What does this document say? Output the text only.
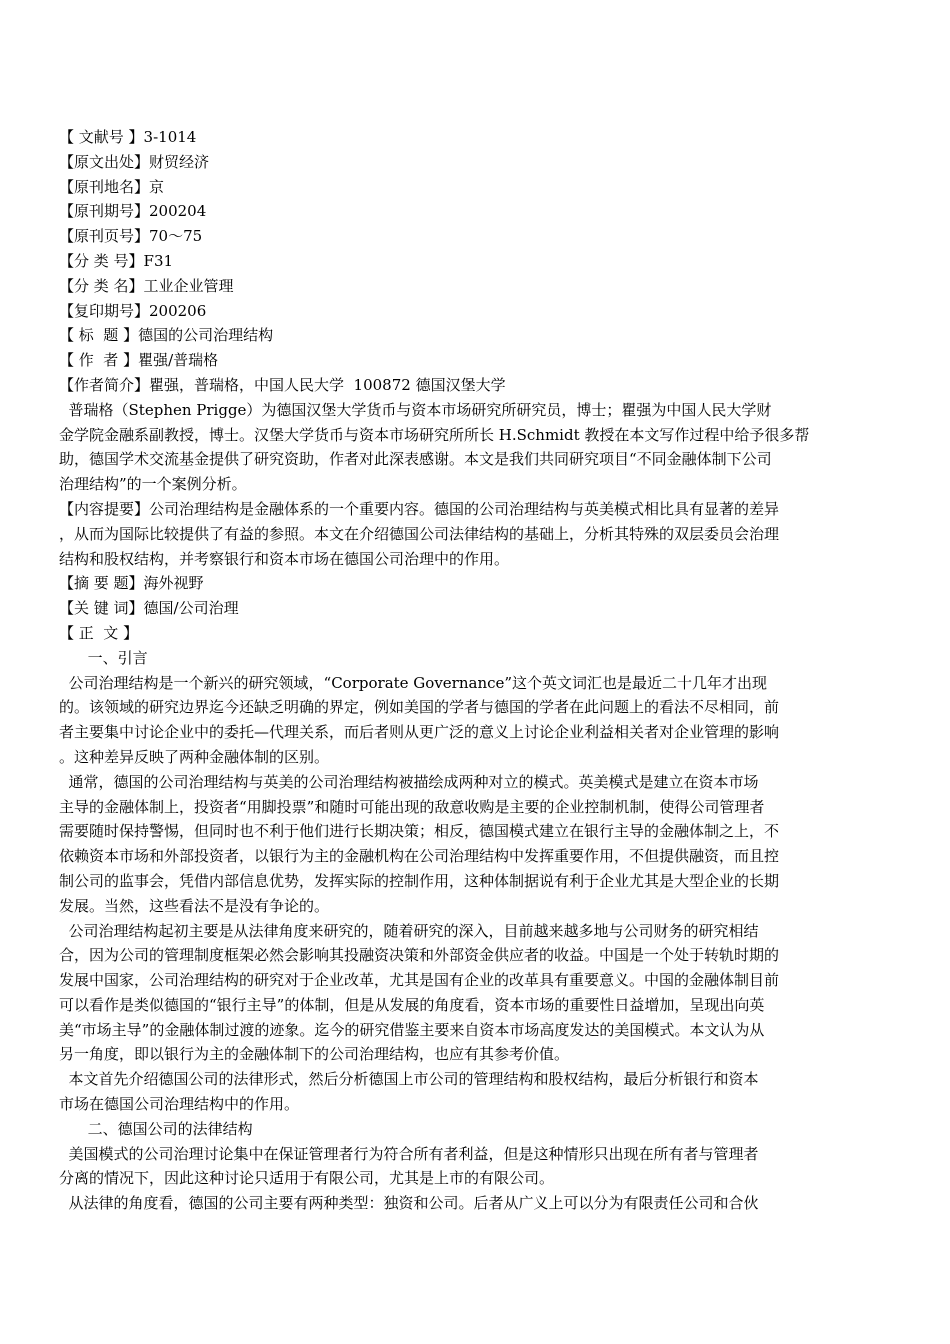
【 文献号 】3-1014
【原文出处】财贸经济
【原刊地名】京
【原刊期号】200204
【原刊页号】70～75
【分 类 号】F31
【分 类 名】工业企业管理
【复印期号】200206
【 标  题 】德国的公司治理结构
【 作  者 】瞿强/普瑞格
【作者简介】瞿强，普瑞格，中国人民大学  100872 德国汉堡大学
普瑞格（Stephen Prigge）为德国汉堡大学货币与资本市场研究所研究员，博士；瞿强为中国人民大学财
金学院金融系副教授，博士。汉堡大学货币与资本市场研究所所长 H.Schmidt 教授在本文写作过程中给予很多帮
助，德国学术交流基金提供了研究资助，作者对此深表感谢。本文是我们共同研究项目“不同金融体制下公司
治理结构”的一个案例分析。
【内容提要】公司治理结构是金融体系的一个重要内容。德国的公司治理结构与英美模式相比具有显著的差异
，从而为国际比较提供了有益的参照。本文在介绍德国公司法律结构的基础上，分析其特殊的双层委员会治理
结构和股权结构，并考察银行和资本市场在德国公司治理中的作用。
【摘 要 题】海外视野
【关 键 词】德国/公司治理
【 正  文 】
一、引言
公司治理结构是一个新兴的研究领域，“Corporate Governance”这个英文词汇也是最近二十几年才出现
的。该领域的研究边界迄今还缺乏明确的界定，例如美国的学者与德国的学者在此问题上的看法不尽相同，前
者主要集中讨论企业中的委托—代理关系，而后者则从更广泛的意义上讨论企业利益相关者对企业管理的影响
。这种差异反映了两种金融体制的区别。
通常，德国的公司治理结构与英美的公司治理结构被描绘成两种对立的模式。英美模式是建立在资本市场
主导的金融体制上，投资者“用脚投票”和随时可能出现的敌意收购是主要的企业控制机制，使得公司管理者
需要随时保持警惕，但同时也不利于他们进行长期决策；相反，德国模式建立在银行主导的金融体制之上，不
依赖资本市场和外部投资者，以银行为主的金融机构在公司治理结构中发挥重要作用，不但提供融资，而且控
制公司的监事会，凭借内部信息优势，发挥实际的控制作用，这种体制据说有利于企业尤其是大型企业的长期
发展。当然，这些看法不是没有争论的。
公司治理结构起初主要是从法律角度来研究的，随着研究的深入，目前越来越多地与公司财务的研究相结
合，因为公司的管理制度框架必然会影响其投融资决策和外部资金供应者的收益。中国是一个处于转轨时期的
发展中国家，公司治理结构的研究对于企业改革，尤其是国有企业的改革具有重要意义。中国的金融体制目前
可以看作是类似德国的“银行主导”的体制，但是从发展的角度看，资本市场的重要性日益增加，呈现出向英
美“市场主导”的金融体制过渡的迹象。迄今的研究借鉴主要来自资本市场高度发达的美国模式。本文认为从
另一角度，即以银行为主的金融体制下的公司治理结构，也应有其参考价值。
本文首先介绍德国公司的法律形式，然后分析德国上市公司的管理结构和股权结构，最后分析银行和资本
市场在德国公司治理结构中的作用。
二、德国公司的法律结构
美国模式的公司治理讨论集中在保证管理者行为符合所有者利益，但是这种情形只出现在所有者与管理者
分离的情况下，因此这种讨论只适用于有限公司，尤其是上市的有限公司。
从法律的角度看，德国的公司主要有两种类型：独资和公司。后者从广义上可以分为有限责任公司和合伙
